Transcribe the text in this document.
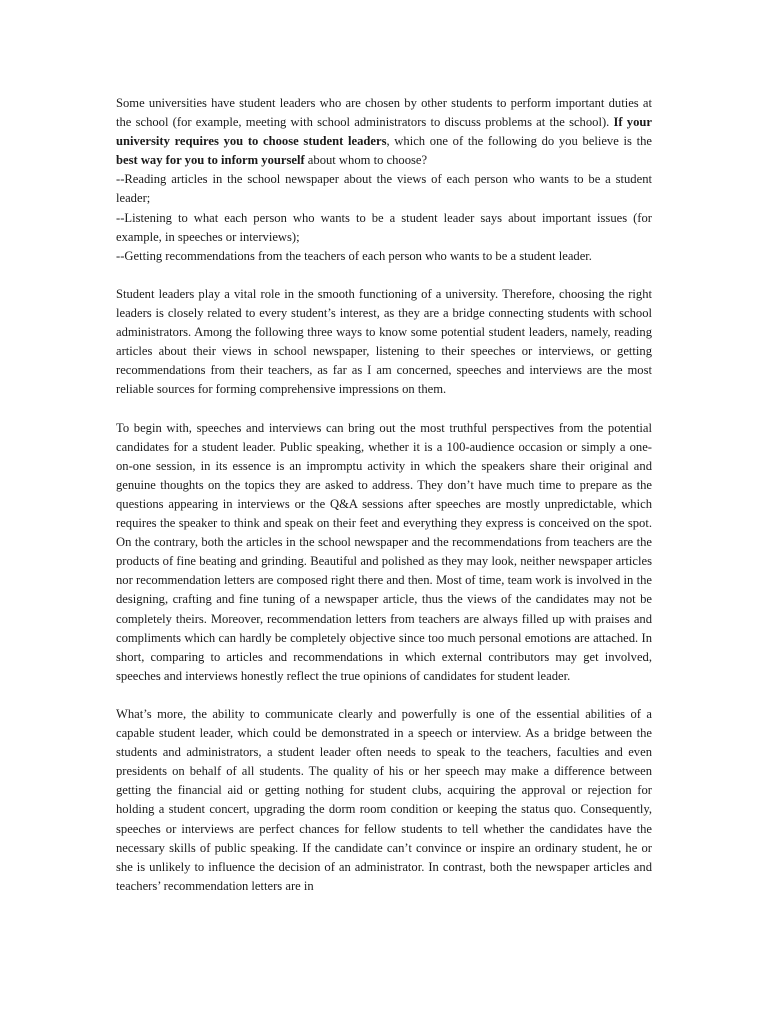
Some universities have student leaders who are chosen by other students to perform important duties at the school (for example, meeting with school administrators to discuss problems at the school). If your university requires you to choose student leaders, which one of the following do you believe is the best way for you to inform yourself about whom to choose?

--Reading articles in the school newspaper about the views of each person who wants to be a student leader;

--Listening to what each person who wants to be a student leader says about important issues (for example, in speeches or interviews);

--Getting recommendations from the teachers of each person who wants to be a student leader.

Student leaders play a vital role in the smooth functioning of a university. Therefore, choosing the right leaders is closely related to every student’s interest, as they are a bridge connecting students with school administrators. Among the following three ways to know some potential student leaders, namely, reading articles about their views in school newspaper, listening to their speeches or interviews, or getting recommendations from their teachers, as far as I am concerned, speeches and interviews are the most reliable sources for forming comprehensive impressions on them.

To begin with, speeches and interviews can bring out the most truthful perspectives from the potential candidates for a student leader. Public speaking, whether it is a 100-audience occasion or simply a one-on-one session, in its essence is an impromptu activity in which the speakers share their original and genuine thoughts on the topics they are asked to address. They don’t have much time to prepare as the questions appearing in interviews or the Q&A sessions after speeches are mostly unpredictable, which requires the speaker to think and speak on their feet and everything they express is conceived on the spot. On the contrary, both the articles in the school newspaper and the recommendations from teachers are the products of fine beating and grinding. Beautiful and polished as they may look, neither newspaper articles nor recommendation letters are composed right there and then. Most of time, team work is involved in the designing, crafting and fine tuning of a newspaper article, thus the views of the candidates may not be completely theirs. Moreover, recommendation letters from teachers are always filled up with praises and compliments which can hardly be completely objective since too much personal emotions are attached. In short, comparing to articles and recommendations in which external contributors may get involved, speeches and interviews honestly reflect the true opinions of candidates for student leader.

What’s more, the ability to communicate clearly and powerfully is one of the essential abilities of a capable student leader, which could be demonstrated in a speech or interview. As a bridge between the students and administrators, a student leader often needs to speak to the teachers, faculties and even presidents on behalf of all students. The quality of his or her speech may make a difference between getting the financial aid or getting nothing for student clubs, acquiring the approval or rejection for holding a student concert, upgrading the dorm room condition or keeping the status quo. Consequently, speeches or interviews are perfect chances for fellow students to tell whether the candidates have the necessary skills of public speaking. If the candidate can’t convince or inspire an ordinary student, he or she is unlikely to influence the decision of an administrator. In contrast, both the newspaper articles and teachers’ recommendation letters are in
